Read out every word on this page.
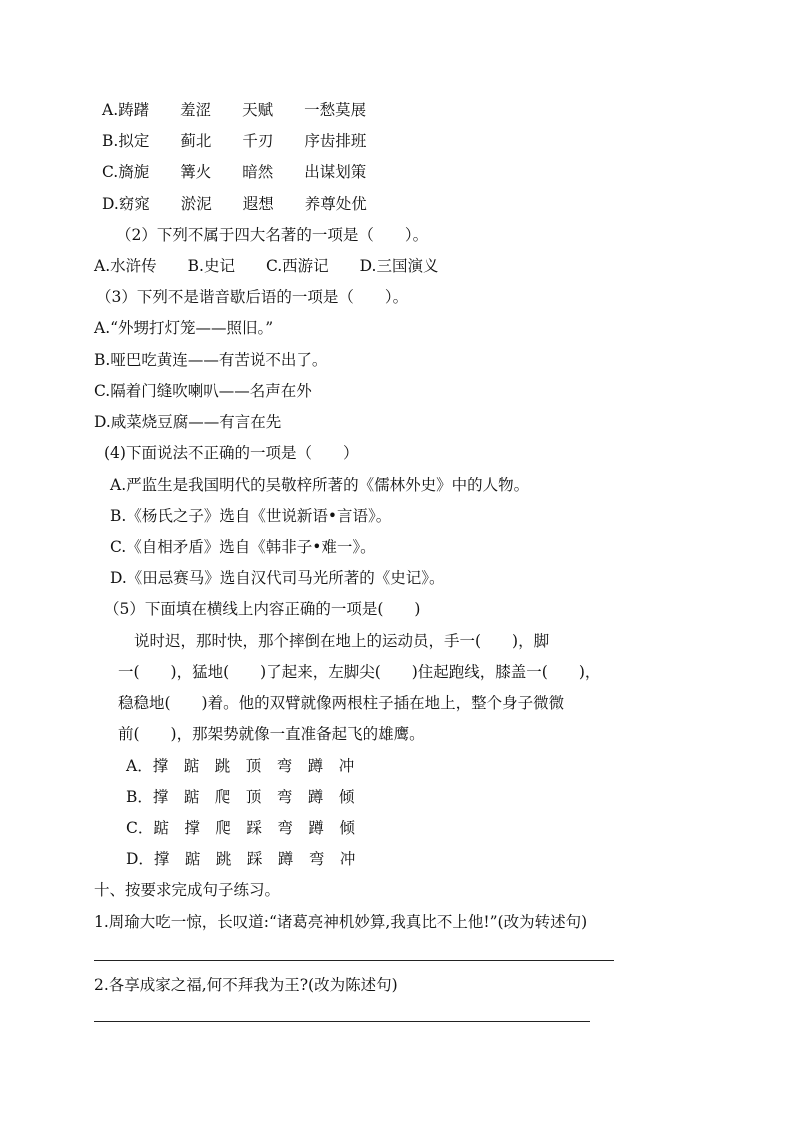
A.踌躇　　羞涩　　天赋　　一愁莫展
B.拟定　　蓟北　　千刃　　序齿排班
C.旖旎　　篝火　　暗然　　出谋划策
D.窈窕　　淤泥　　遐想　　养尊处优
（2）下列不属于四大名著的一项是（　　）。
A.水浒传　　B.史记　　C.西游记　　D.三国演义
（3）下列不是谐音歇后语的一项是（　　）。
A.“外甥打灯笼——照旧。”
B.哑巴吃黄连——有苦说不出了。
C.隔着门缝吹喇叭——名声在外
D.咸菜烧豆腐——有言在先
(4)下面说法不正确的一项是（　　）
A.严监生是我国明代的吴敬梓所著的《儒林外史》中的人物。
B.《杨氏之子》选自《世说新语•言语》。
C.《自相矛盾》选自《韩非子•难一》。
D.《田忌赛马》选自汉代司马光所著的《史记》。
（5）下面填在横线上内容正确的一项是(　　)
说时迟，那时快，那个摔倒在地上的运动员，手一(　　)，脚
一(　　)，猛地(　　)了起来，左脚尖(　　)住起跑线，膝盖一(　　)，
稳稳地(　　)着。他的双臂就像两根柱子插在地上，整个身子微微
前(　　)，那架势就像一直准备起飞的雄鹰。
A．撑　踮　跳　顶　弯　蹲　冲
B．撑　踮　爬　顶　弯　蹲　倾
C．踮　撑　爬　踩　弯　蹲　倾
D．撑　踮　跳　踩　蹲　弯　冲
十、按要求完成句子练习。
1.周瑜大吃一惊，长叹道:“诸葛亮神机妙算,我真比不上他!”(改为转述句)
2.各享成家之福,何不拜我为王?(改为陈述句)
